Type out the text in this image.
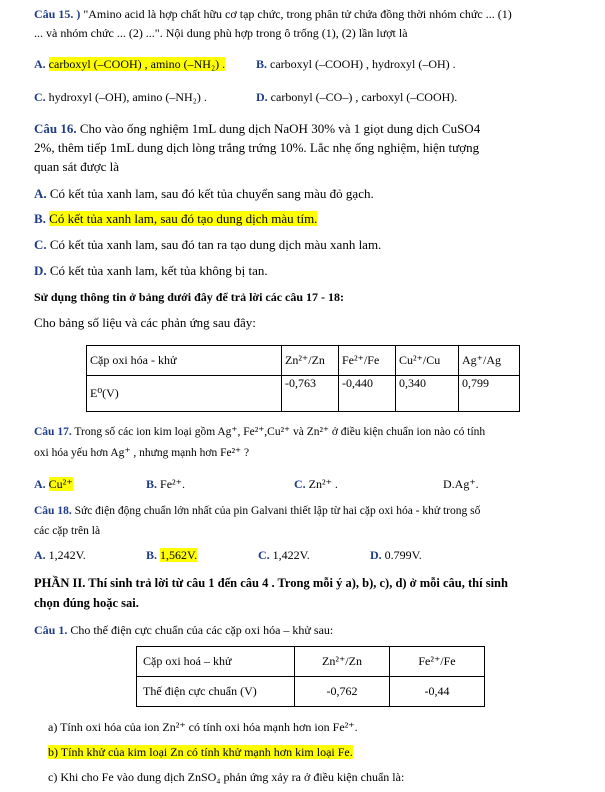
Câu 15. ) "Amino acid là hợp chất hữu cơ tạp chức, trong phân tử chứa đồng thời nhóm chức ... (1)
... và nhóm chức ... (2) ...". Nội dung phù hợp trong ô trống (1), (2) lần lượt là
A. carboxyl (–COOH) , amino (–NH₂) .	B. carboxyl (–COOH) , hydroxyl (–OH) .
C. hydroxyl (–OH), amino (–NH₂) .	D. carbonyl (–CO–) , carboxyl (–COOH).
Câu 16. Cho vào ống nghiệm 1mL dung dịch NaOH 30% và 1 giọt dung dịch CuSO4
2%, thêm tiếp 1mL dung dịch lòng trắng trứng 10%. Lắc nhẹ ống nghiệm, hiện tượng
quan sát được là
A. Có kết tủa xanh lam, sau đó kết tủa chuyển sang màu đỏ gạch.
B. Có kết tủa xanh lam, sau đó tạo dung dịch màu tím.
C. Có kết tủa xanh lam, sau đó tan ra tạo dung dịch màu xanh lam.
D. Có kết tủa xanh lam, kết tủa không bị tan.
Sử dụng thông tin ở bảng dưới đây để trả lời các câu 17 - 18:
Cho bảng số liệu và các phản ứng sau đây:
Cặp oxi hóa - khử	Zn²⁺/Zn	Fe²⁺/Fe	Cu²⁺/Cu	Ag⁺/Ag
E⁰(V)	-0,763	-0,440	0,340	0,799
Câu 17. Trong số các ion kim loại gồm Ag⁺, Fe²⁺,Cu²⁺ và Zn²⁺ ở điều kiện chuẩn ion nào có tính
oxi hóa yếu hơn Ag⁺ , nhưng mạnh hơn Fe²⁺ ?
A. Cu²⁺	B. Fe²⁺.	C. Zn²⁺ .	D.Ag⁺.
Câu 18. Sức điện động chuẩn lớn nhất của pin Galvani thiết lập từ hai cặp oxi hóa - khử trong số
các cặp trên là
A. 1,242V.	B. 1,562V.	C. 1,422V.	D. 0.799V.
PHẦN II. Thí sinh trả lời từ câu 1 đến câu 4 . Trong mỗi ý a), b), c), d) ở mỗi câu, thí sinh
chọn đúng hoặc sai.
Câu 1. Cho thế điện cực chuẩn của các cặp oxi hóa – khử sau:
Cặp oxi hoá – khử	Zn²⁺/Zn	Fe²⁺/Fe
Thế điện cực chuẩn (V)	-0,762	-0,44
a) Tính oxi hóa của ion Zn²⁺ có tính oxi hóa mạnh hơn ion Fe²⁺.
b) Tính khử của kim loại Zn có tính khử mạnh hơn kim loại Fe.
c) Khi cho Fe vào dung dịch ZnSO₄ phản ứng xảy ra ở điều kiện chuẩn là:
